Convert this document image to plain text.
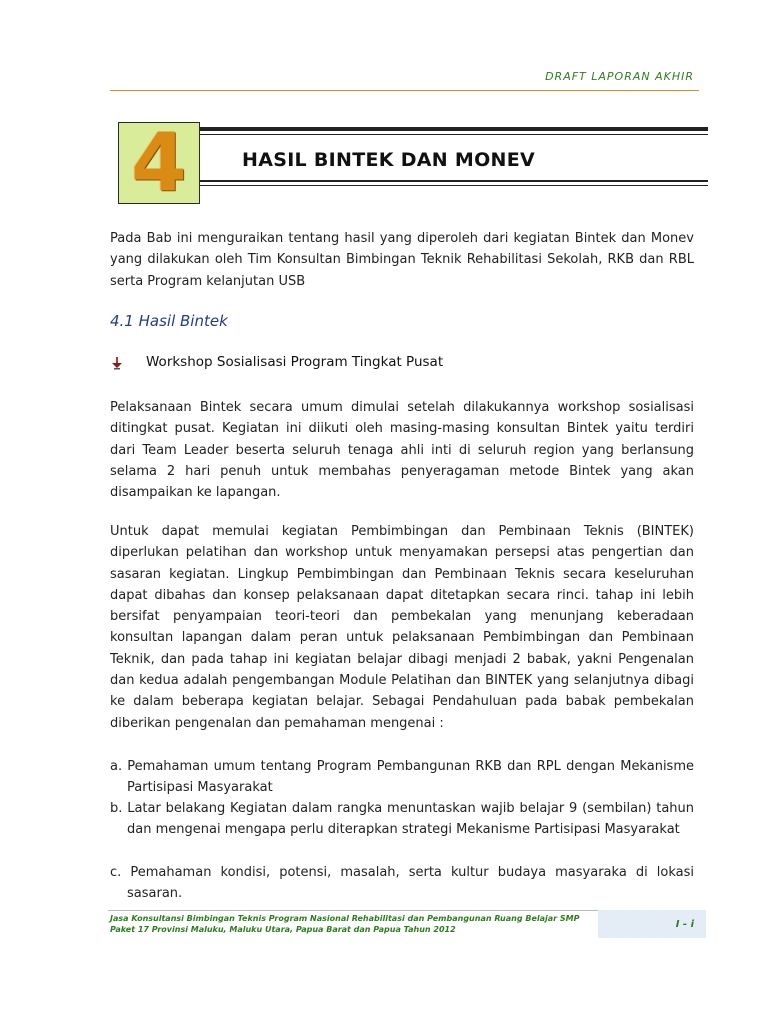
DRAFT LAPORAN AKHIR
4	HASIL BINTEK DAN MONEV
Pada Bab ini menguraikan tentang hasil yang diperoleh dari kegiatan Bintek dan Monev yang dilakukan oleh Tim Konsultan Bimbingan Teknik Rehabilitasi Sekolah, RKB dan RBL serta Program kelanjutan USB
4.1 Hasil Bintek
Workshop Sosialisasi Program Tingkat Pusat
Pelaksanaan Bintek secara umum dimulai setelah dilakukannya workshop sosialisasi ditingkat pusat. Kegiatan ini diikuti oleh masing-masing konsultan Bintek yaitu terdiri dari Team Leader beserta seluruh tenaga ahli inti di seluruh region yang berlansung selama 2 hari penuh untuk membahas penyeragaman metode Bintek yang akan disampaikan ke lapangan.
Untuk dapat memulai kegiatan Pembimbingan dan Pembinaan Teknis (BINTEK) diperlukan pelatihan dan workshop untuk menyamakan persepsi atas pengertian dan sasaran kegiatan. Lingkup Pembimbingan dan Pembinaan Teknis secara keseluruhan dapat dibahas dan konsep pelaksanaan dapat ditetapkan secara rinci. tahap ini lebih bersifat penyampaian teori-teori dan pembekalan yang menunjang keberadaan konsultan lapangan dalam peran untuk pelaksanaan Pembimbingan dan Pembinaan Teknik, dan pada tahap ini kegiatan belajar dibagi menjadi 2 babak, yakni Pengenalan dan kedua adalah pengembangan Module Pelatihan dan BINTEK yang selanjutnya dibagi ke dalam beberapa kegiatan belajar. Sebagai Pendahuluan pada babak pembekalan diberikan pengenalan dan pemahaman mengenai :
a. Pemahaman umum tentang Program Pembangunan RKB dan RPL dengan Mekanisme Partisipasi Masyarakat
b. Latar belakang Kegiatan dalam rangka menuntaskan wajib belajar 9 (sembilan) tahun dan mengenai mengapa perlu diterapkan strategi Mekanisme Partisipasi Masyarakat
c. Pemahaman kondisi, potensi, masalah, serta kultur budaya masyaraka di lokasi sasaran.
Jasa Konsultansi Bimbingan Teknis Program Nasional Rehabilitasi dan Pembangunan Ruang Belajar SMP
Paket 17 Provinsi Maluku, Maluku Utara, Papua Barat dan Papua Tahun 2012	I - i
